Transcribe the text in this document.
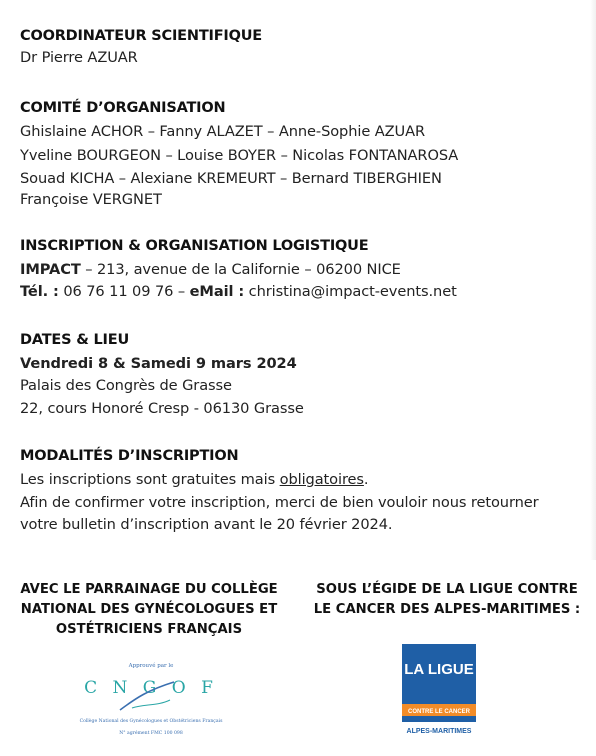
COORDINATEUR SCIENTIFIQUE
Dr Pierre AZUAR
COMITÉ D’ORGANISATION
Ghislaine ACHOR – Fanny ALAZET – Anne-Sophie AZUAR
Yveline BOURGEON – Louise BOYER – Nicolas FONTANAROSA
Souad KICHA – Alexiane KREMEURT – Bernard TIBERGHIEN
Françoise VERGNET
INSCRIPTION & ORGANISATION LOGISTIQUE
IMPACT – 213, avenue de la Californie – 06200 NICE
Tél. : 06 76 11 09 76 – eMail : christina@impact-events.net
DATES & LIEU
Vendredi 8 & Samedi 9 mars 2024
Palais des Congrès de Grasse
22, cours Honoré Cresp - 06130 Grasse
MODALITÉS D’INSCRIPTION
Les inscriptions sont gratuites mais obligatoires.
Afin de confirmer votre inscription, merci de bien vouloir nous retourner
votre bulletin d’inscription avant le 20 février 2024.
AVEC LE PARRAINAGE DU COLLÈGE
NATIONAL DES GYNÉCOLOGUES ET
OSTÉTRICIENS FRANÇAIS
SOUS L’ÉGIDE DE LA LIGUE CONTRE
LE CANCER DES ALPES-MARITIMES :
Approuvé par le
C N G O F
Collège National des Gynécologues et Obstétriciens Français
N° agrément FMC 100 098
LA LIGUE
CONTRE LE CANCER
ALPES-MARITIMES
